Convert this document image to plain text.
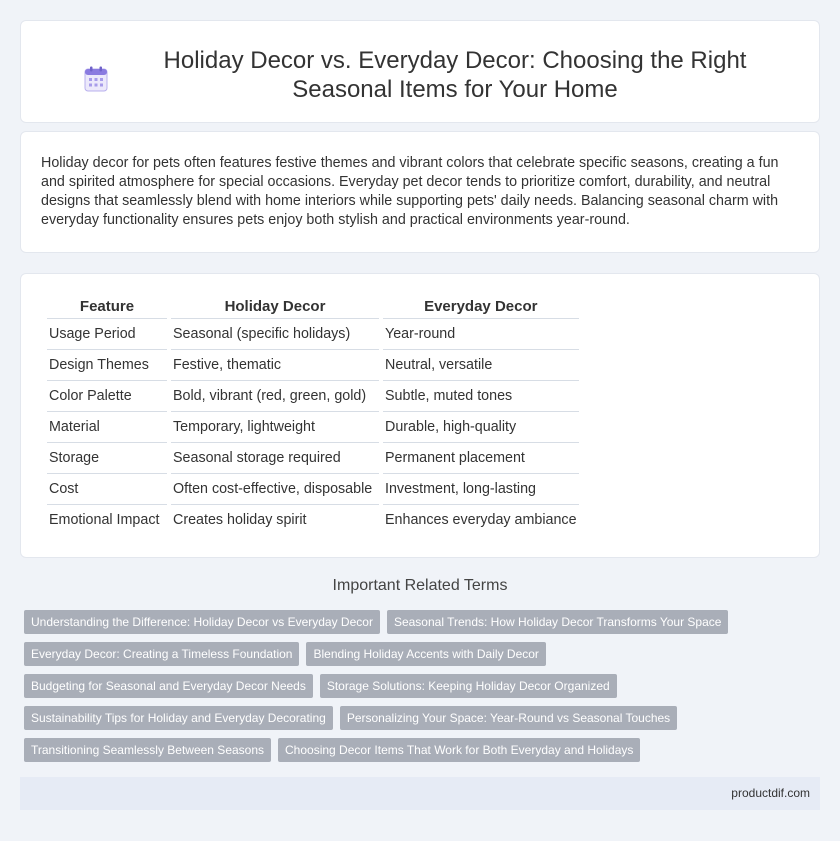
Holiday Decor vs. Everyday Decor: Choosing the Right Seasonal Items for Your Home

Holiday decor for pets often features festive themes and vibrant colors that celebrate specific seasons, creating a fun and spirited atmosphere for special occasions. Everyday pet decor tends to prioritize comfort, durability, and neutral designs that seamlessly blend with home interiors while supporting pets' daily needs. Balancing seasonal charm with everyday functionality ensures pets enjoy both stylish and practical environments year-round.

Feature	Holiday Decor	Everyday Decor
Usage Period	Seasonal (specific holidays)	Year-round
Design Themes	Festive, thematic	Neutral, versatile
Color Palette	Bold, vibrant (red, green, gold)	Subtle, muted tones
Material	Temporary, lightweight	Durable, high-quality
Storage	Seasonal storage required	Permanent placement
Cost	Often cost-effective, disposable	Investment, long-lasting
Emotional Impact	Creates holiday spirit	Enhances everyday ambiance
Important Related Terms
Understanding the Difference: Holiday Decor vs Everyday Decor	Seasonal Trends: How Holiday Decor Transforms Your Space
Everyday Decor: Creating a Timeless Foundation	Blending Holiday Accents with Daily Decor
Budgeting for Seasonal and Everyday Decor Needs	Storage Solutions: Keeping Holiday Decor Organized
Sustainability Tips for Holiday and Everyday Decorating	Personalizing Your Space: Year-Round vs Seasonal Touches
Transitioning Seamlessly Between Seasons	Choosing Decor Items That Work for Both Everyday and Holidays
productdif.com
